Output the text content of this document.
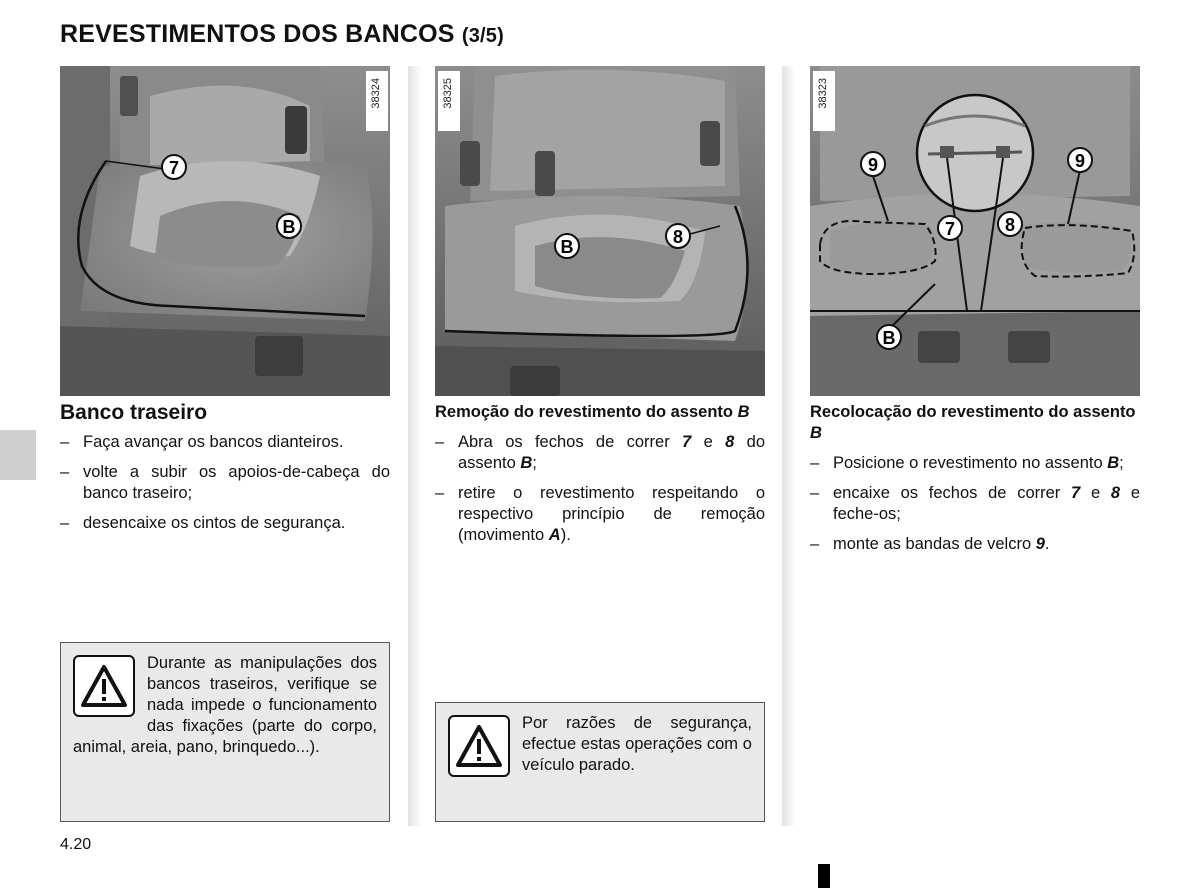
REVESTIMENTOS DOS BANCOS (3/5)
7
B
38324
B	8
38325
9	9
7	8
B
38323
Banco traseiro
– Faça avançar os bancos dianteiros.
– volte a subir os apoios-de-cabeça do banco traseiro;
– desencaixe os cintos de segurança.
Durante as manipulações dos bancos traseiros, verifique se nada impede o funcionamento das fixações (parte do corpo, animal, areia, pano, brinquedo...).
Remoção do revestimento do assento B
– Abra os fechos de correr 7 e 8 do assento B;
– retire o revestimento respeitando o respectivo princípio de remoção (movimento A).
Por razões de segurança, efectue estas operações com o veículo parado.
Recolocação do revestimento do assento B
– Posicione o revestimento no assento B;
– encaixe os fechos de correr 7 e 8 e feche-os;
– monte as bandas de velcro 9.
4.20
